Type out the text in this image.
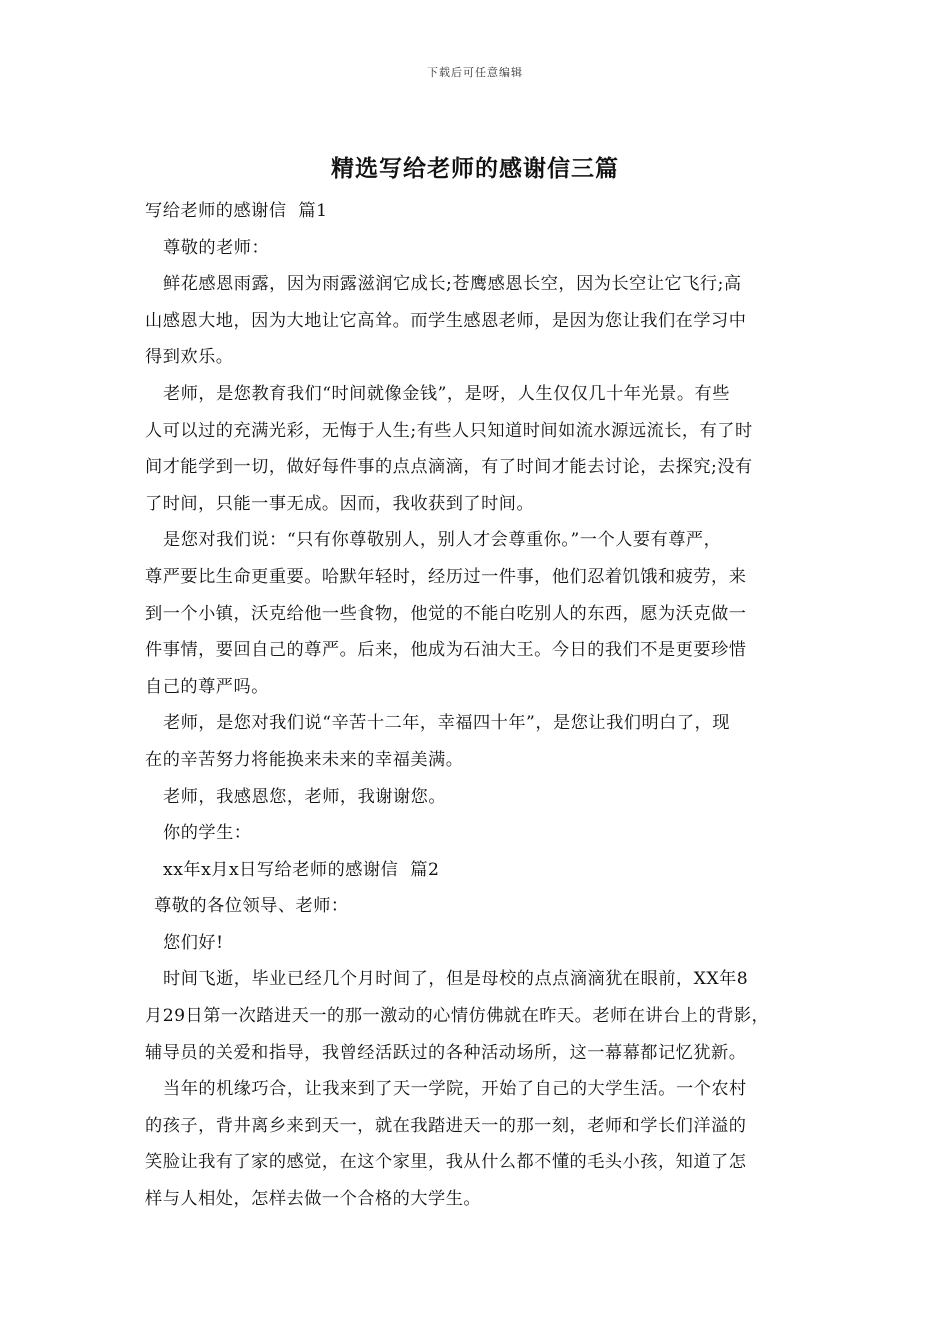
下载后可任意编辑
精选写给老师的感谢信三篇

写给老师的感谢信  篇1

尊敬的老师：

鲜花感恩雨露，因为雨露滋润它成长;苍鹰感恩长空，因为长空让它飞行;高

山感恩大地，因为大地让它高耸。而学生感恩老师，是因为您让我们在学习中

得到欢乐。

老师，是您教育我们“时间就像金钱”，是呀，人生仅仅几十年光景。有些

人可以过的充满光彩，无悔于人生;有些人只知道时间如流水源远流长，有了时

间才能学到一切，做好每件事的点点滴滴，有了时间才能去讨论，去探究;没有

了时间，只能一事无成。因而，我收获到了时间。

是您对我们说：“只有你尊敬别人，别人才会尊重你。”一个人要有尊严，

尊严要比生命更重要。哈默年轻时，经历过一件事，他们忍着饥饿和疲劳，来

到一个小镇，沃克给他一些食物，他觉的不能白吃别人的东西，愿为沃克做一

件事情，要回自己的尊严。后来，他成为石油大王。今日的我们不是更要珍惜

自己的尊严吗。

老师，是您对我们说“辛苦十二年，幸福四十年”，是您让我们明白了，现

在的辛苦努力将能换来未来的幸福美满。

老师，我感恩您，老师，我谢谢您。

你的学生：

xx年x月x日写给老师的感谢信  篇2

尊敬的各位领导、老师：

您们好!

时间飞逝，毕业已经几个月时间了，但是母校的点点滴滴犹在眼前，XX年8

月29日第一次踏进天一的那一激动的心情仿佛就在昨天。老师在讲台上的背影，

辅导员的关爱和指导，我曾经活跃过的各种活动场所，这一幕幕都记忆犹新。

当年的机缘巧合，让我来到了天一学院，开始了自己的大学生活。一个农村

的孩子，背井离乡来到天一，就在我踏进天一的那一刻，老师和学长们洋溢的

笑脸让我有了家的感觉，在这个家里，我从什么都不懂的毛头小孩，知道了怎

样与人相处，怎样去做一个合格的大学生。
